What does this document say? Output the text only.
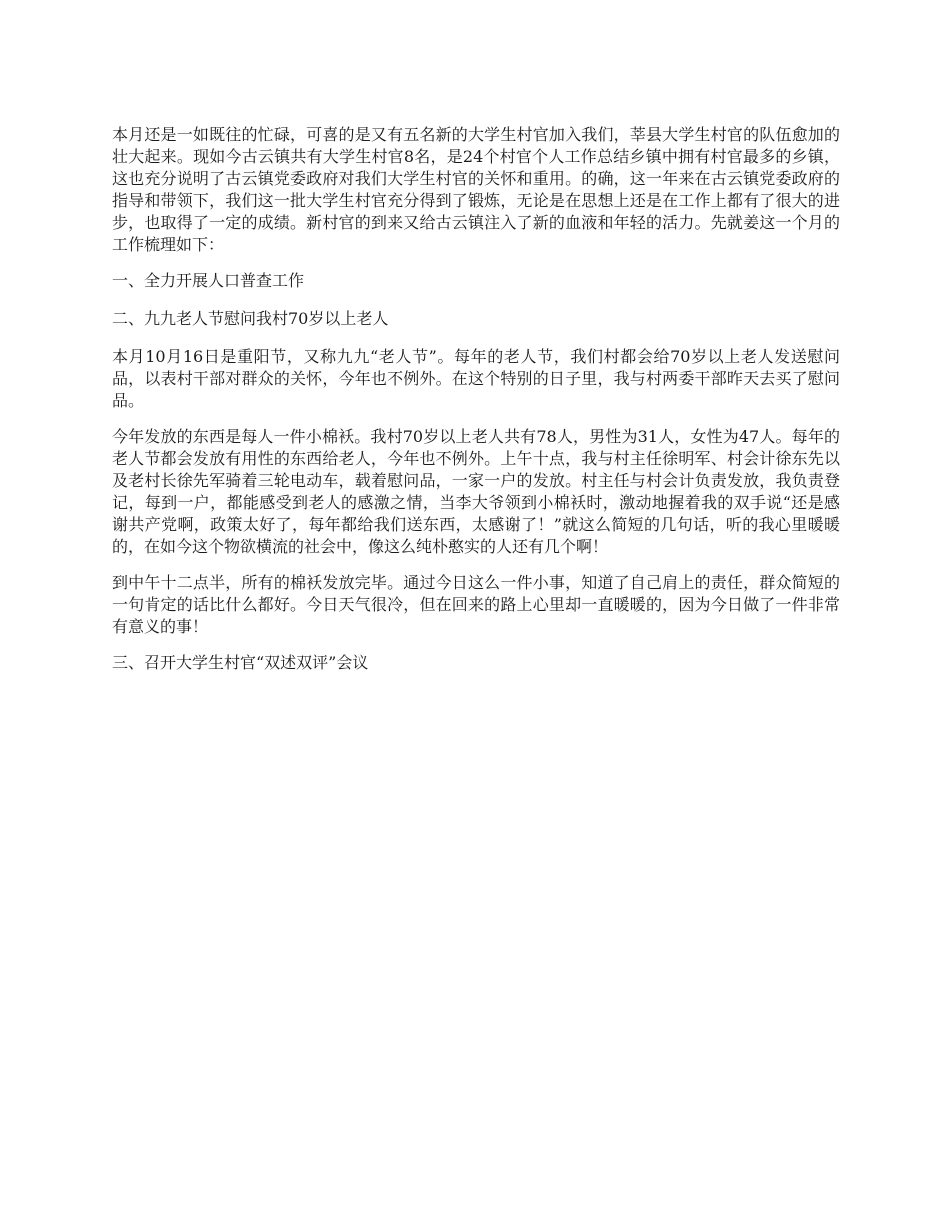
本月还是一如既往的忙碌，可喜的是又有五名新的大学生村官加入我们，莘县大学生村官的队伍愈加的壮大起来。现如今古云镇共有大学生村官8名，是24个村官个人工作总结乡镇中拥有村官最多的乡镇，这也充分说明了古云镇党委政府对我们大学生村官的关怀和重用。的确，这一年来在古云镇党委政府的指导和带领下，我们这一批大学生村官充分得到了锻炼，无论是在思想上还是在工作上都有了很大的进步，也取得了一定的成绩。新村官的到来又给古云镇注入了新的血液和年轻的活力。先就姜这一个月的工作梳理如下：

一、全力开展人口普查工作

二、九九老人节慰问我村70岁以上老人

本月10月16日是重阳节，又称九九“老人节”。每年的老人节，我们村都会给70岁以上老人发送慰问品，以表村干部对群众的关怀，今年也不例外。在这个特别的日子里，我与村两委干部昨天去买了慰问品。

今年发放的东西是每人一件小棉袄。我村70岁以上老人共有78人，男性为31人，女性为47人。每年的老人节都会发放有用性的东西给老人，今年也不例外。上午十点，我与村主任徐明军、村会计徐东先以及老村长徐先军骑着三轮电动车，载着慰问品，一家一户的发放。村主任与村会计负责发放，我负责登记，每到一户，都能感受到老人的感激之情，当李大爷领到小棉袄时，激动地握着我的双手说“还是感谢共产党啊，政策太好了，每年都给我们送东西，太感谢了！”就这么简短的几句话，听的我心里暖暖的，在如今这个物欲横流的社会中，像这么纯朴憨实的人还有几个啊！

到中午十二点半，所有的棉袄发放完毕。通过今日这么一件小事，知道了自己肩上的责任，群众简短的一句肯定的话比什么都好。今日天气很冷，但在回来的路上心里却一直暖暖的，因为今日做了一件非常有意义的事！

三、召开大学生村官“双述双评”会议
